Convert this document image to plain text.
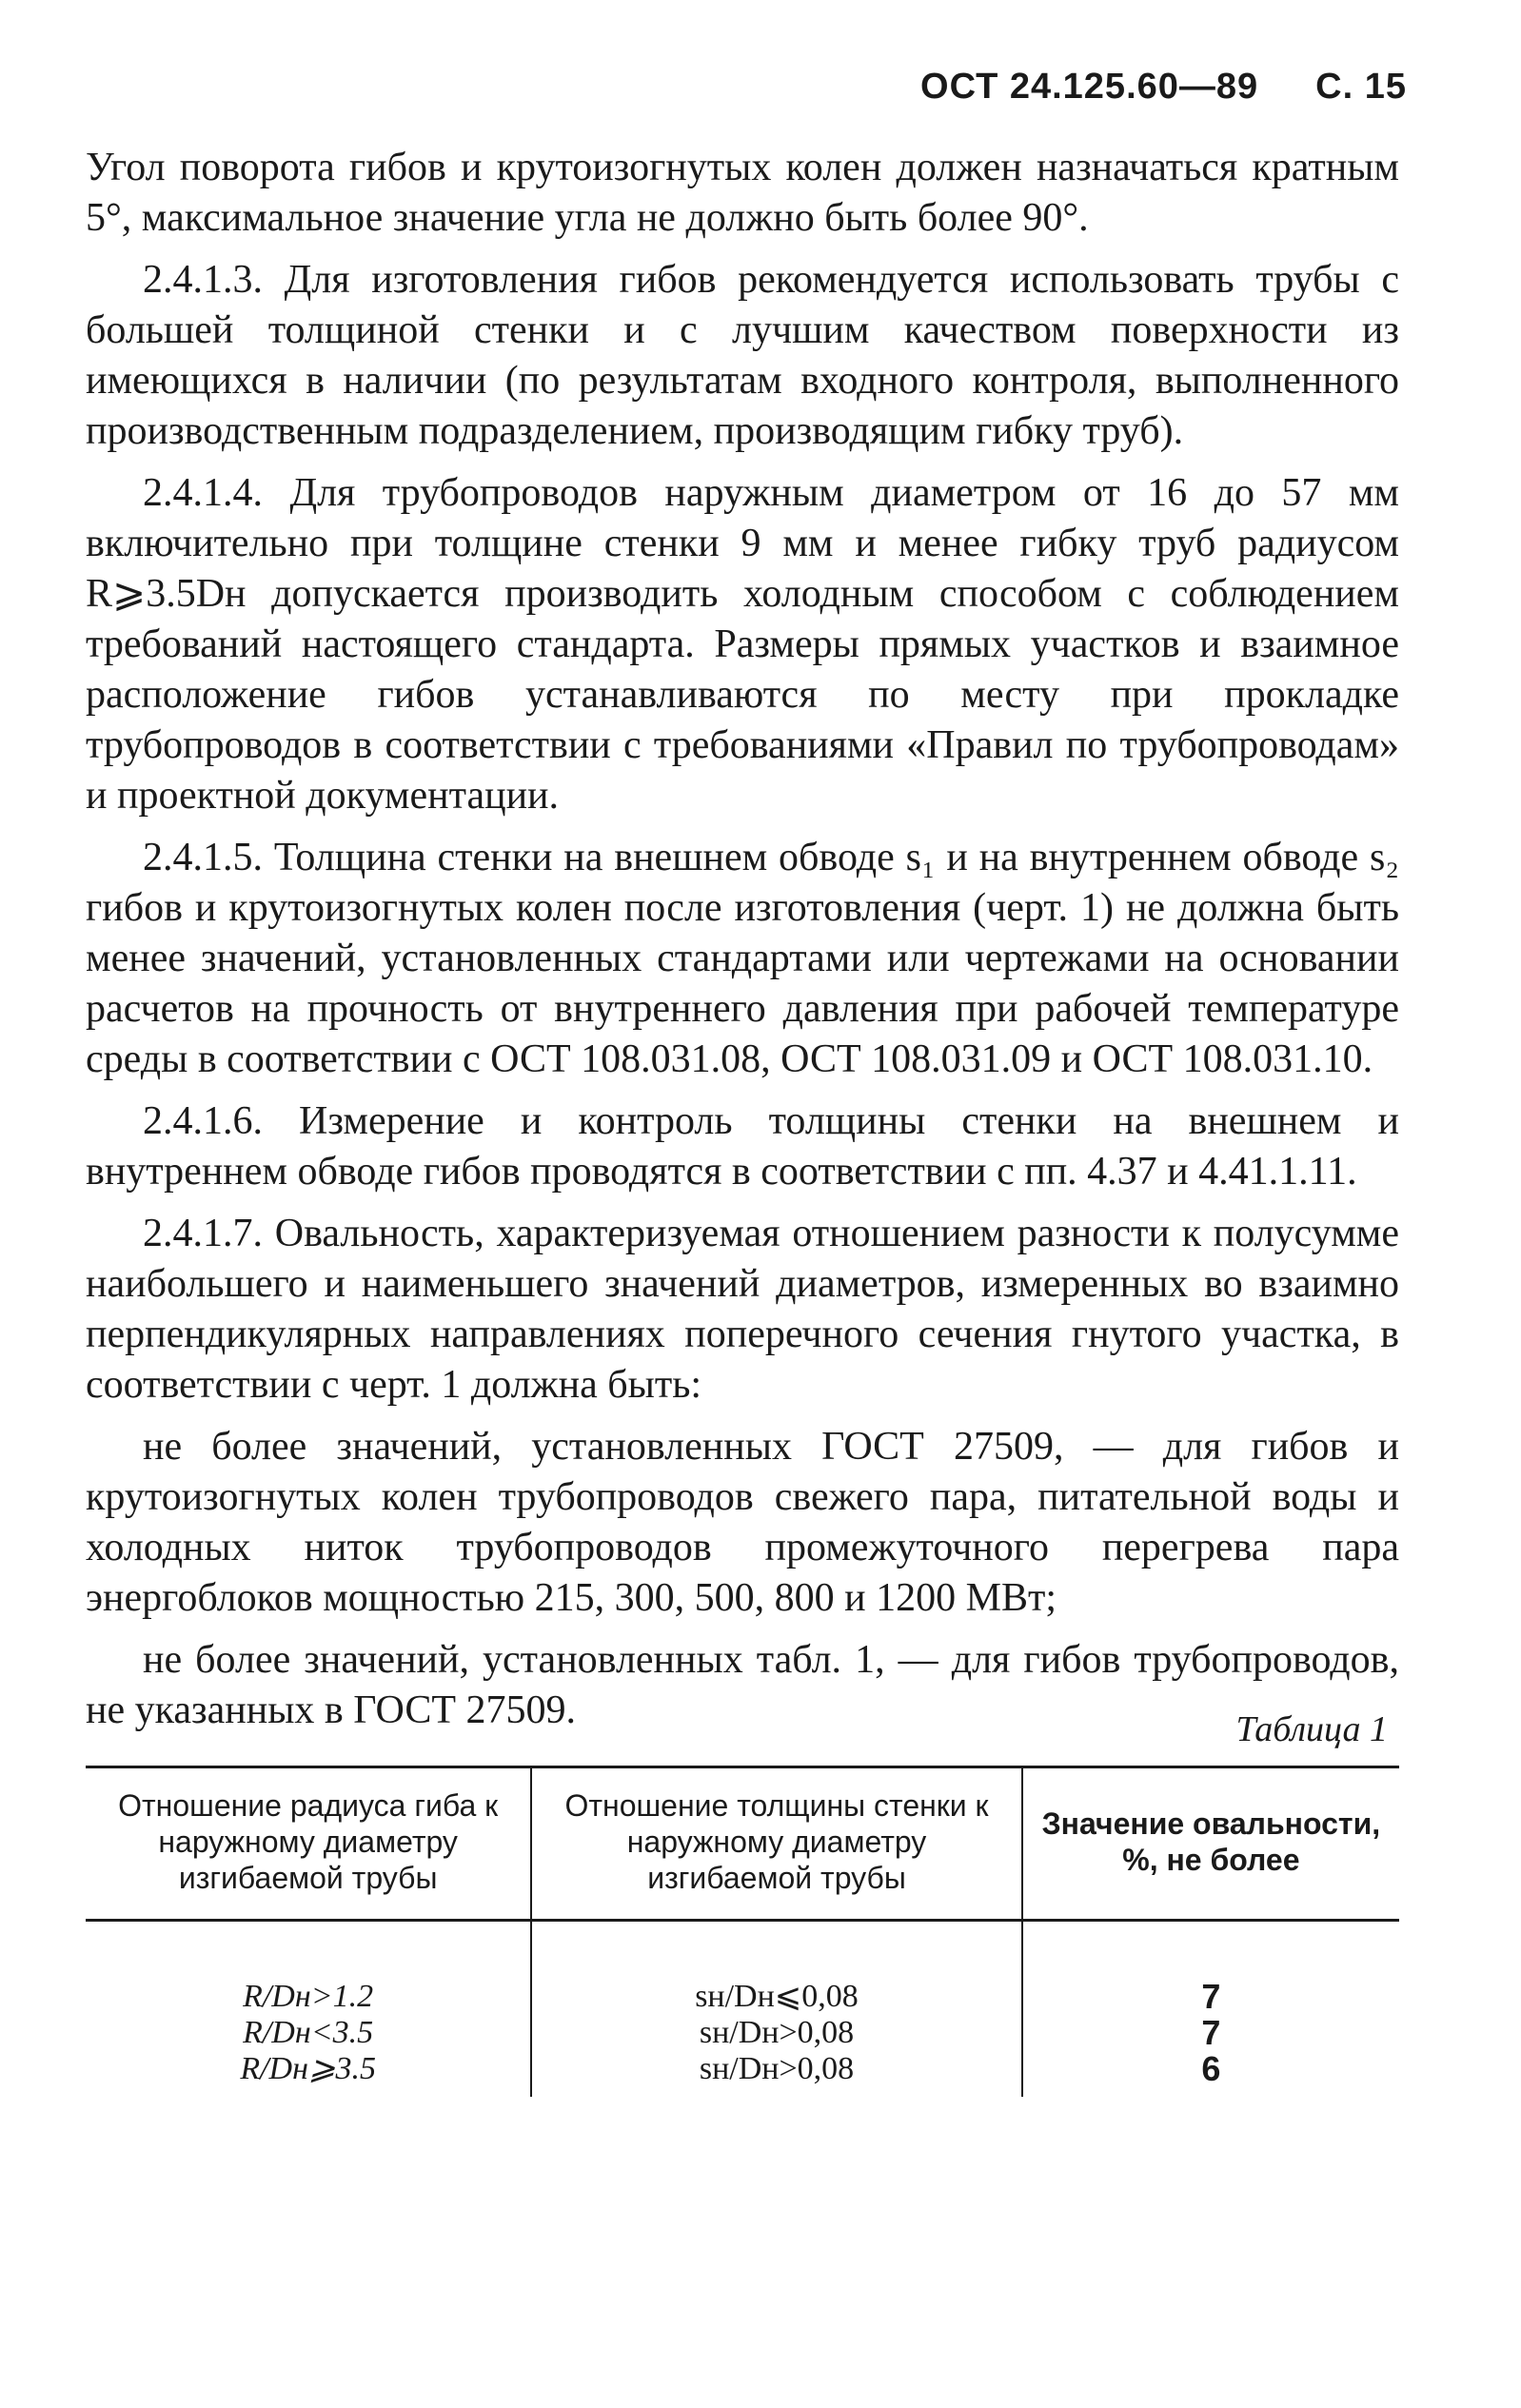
ОСТ 24.125.60—89 С. 15

Угол поворота гибов и крутоизогнутых колен должен назначаться кратным 5°, максимальное значение угла не должно быть более 90°.

2.4.1.3. Для изготовления гибов рекомендуется использовать трубы с большей толщиной стенки и с лучшим качеством поверхности из имеющихся в наличии (по результатам входного контроля, выполненного производственным подразделением, производящим гибку труб).

2.4.1.4. Для трубопроводов наружным диаметром от 16 до 57 мм включительно при толщине стенки 9 мм и менее гибку труб радиусом R⩾3.5Dн допускается производить холодным способом с соблюдением требований настоящего стандарта. Размеры прямых участков и взаимное расположение гибов устанавливаются по месту при прокладке трубопроводов в соответствии с требованиями «Правил по трубопроводам» и проектной документации.

2.4.1.5. Толщина стенки на внешнем обводе s₁ и на внутреннем обводе s₂ гибов и крутоизогнутых колен после изготовления (черт. 1) не должна быть менее значений, установленных стандартами или чертежами на основании расчетов на прочность от внутреннего давления при рабочей температуре среды в соответствии с ОСТ 108.031.08, ОСТ 108.031.09 и ОСТ 108.031.10.

2.4.1.6. Измерение и контроль толщины стенки на внешнем и внутреннем обводе гибов проводятся в соответствии с пп. 4.37 и 4.41.1.11.

2.4.1.7. Овальность, характеризуемая отношением разности к полусумме наибольшего и наименьшего значений диаметров, измеренных во взаимно перпендикулярных направлениях поперечного сечения гнутого участка, в соответствии с черт. 1 должна быть:

не более значений, установленных ГОСТ 27509, — для гибов и крутоизогнутых колен трубопроводов свежего пара, питательной воды и холодных ниток трубопроводов промежуточного перегрева пара энергоблоков мощностью 215, 300, 500, 800 и 1200 МВт;

не более значений, установленных табл. 1, — для гибов трубопроводов, не указанных в ГОСТ 27509.	Таблица 1
Отношение радиуса гиба к наружному диаметру изгибаемой трубы	Отношение толщины стенки к наружному диаметру изгибаемой трубы	Значение овальности, %, не более
R/Dн>1.2	sн/Dн⩽0,08	7
R/Dн<3.5	sн/Dн>0,08	7
R/Dн⩾3.5	sн/Dн>0,08	6
